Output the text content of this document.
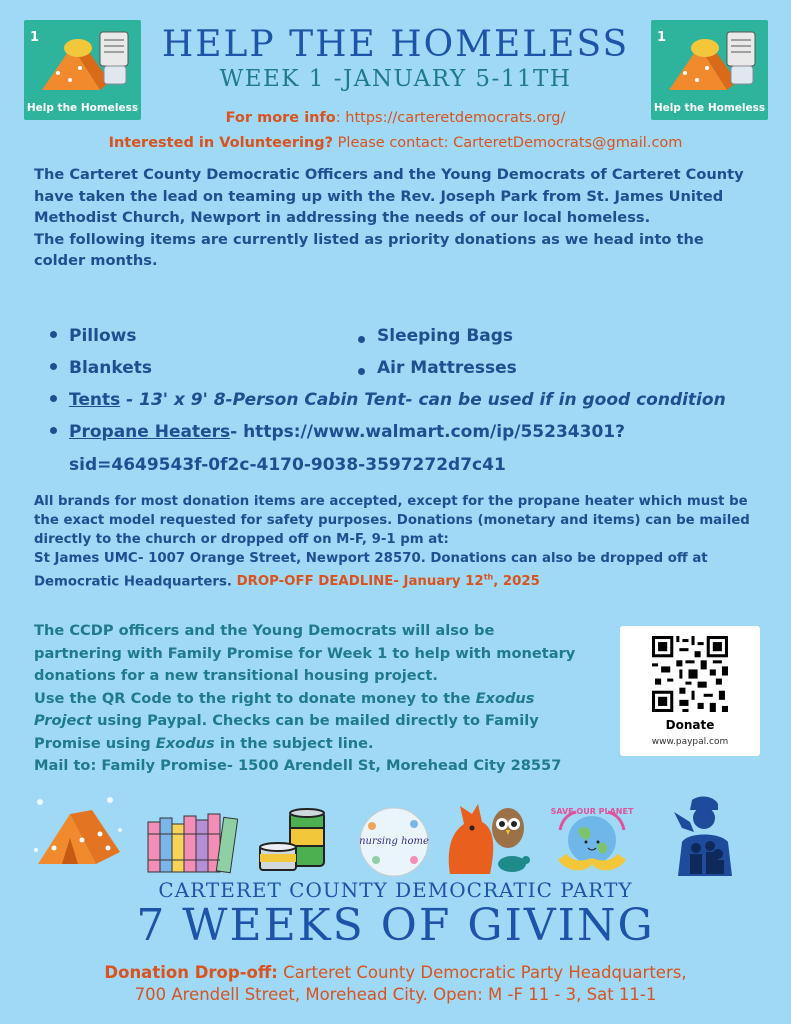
1
Help the Homeless
1
Help the Homeless
HELP THE HOMELESS
WEEK 1 -JANUARY 5-11TH
For more info: https://carteretdemocrats.org/
Interested in Volunteering? Please contact: CarteretDemocrats@gmail.com
The Carteret County Democratic Officers and the Young Democrats of Carteret County have taken the lead on teaming up with the Rev. Joseph Park from St. James United Methodist Church, Newport in addressing the needs of our local homeless.
The following items are currently listed as priority donations as we head into the colder months.
Pillows	Sleeping Bags
Blankets	Air Mattresses
Tents - 13' x 9' 8-Person Cabin Tent- can be used if in good condition
Propane Heaters- https://www.walmart.com/ip/55234301?
sid=4649543f-0f2c-4170-9038-3597272d7c41
All brands for most donation items are accepted, except for the propane heater which must be the exact model requested for safety purposes. Donations (monetary and items) can be mailed directly to the church or dropped off on M-F, 9-1 pm at:
St James UMC- 1007 Orange Street, Newport 28570. Donations can also be dropped off at Democratic Headquarters. DROP-OFF DEADLINE- January 12th, 2025
The CCDP officers and the Young Democrats will also be
partnering with Family Promise for Week 1 to help with monetary
donations for a new transitional housing project.
Use the QR Code to the right to donate money to the Exodus
Project using Paypal. Checks can be mailed directly to Family
Promise using Exodus in the subject line.
Mail to: Family Promise- 1500 Arendell St, Morehead City 28557
Donate
www.paypal.com
nursing home
SAVE OUR PLANET
CARTERET COUNTY DEMOCRATIC PARTY
7 WEEKS OF GIVING
Donation Drop-off: Carteret County Democratic Party Headquarters,
700 Arendell Street, Morehead City. Open: M -F 11 - 3, Sat 11-1
